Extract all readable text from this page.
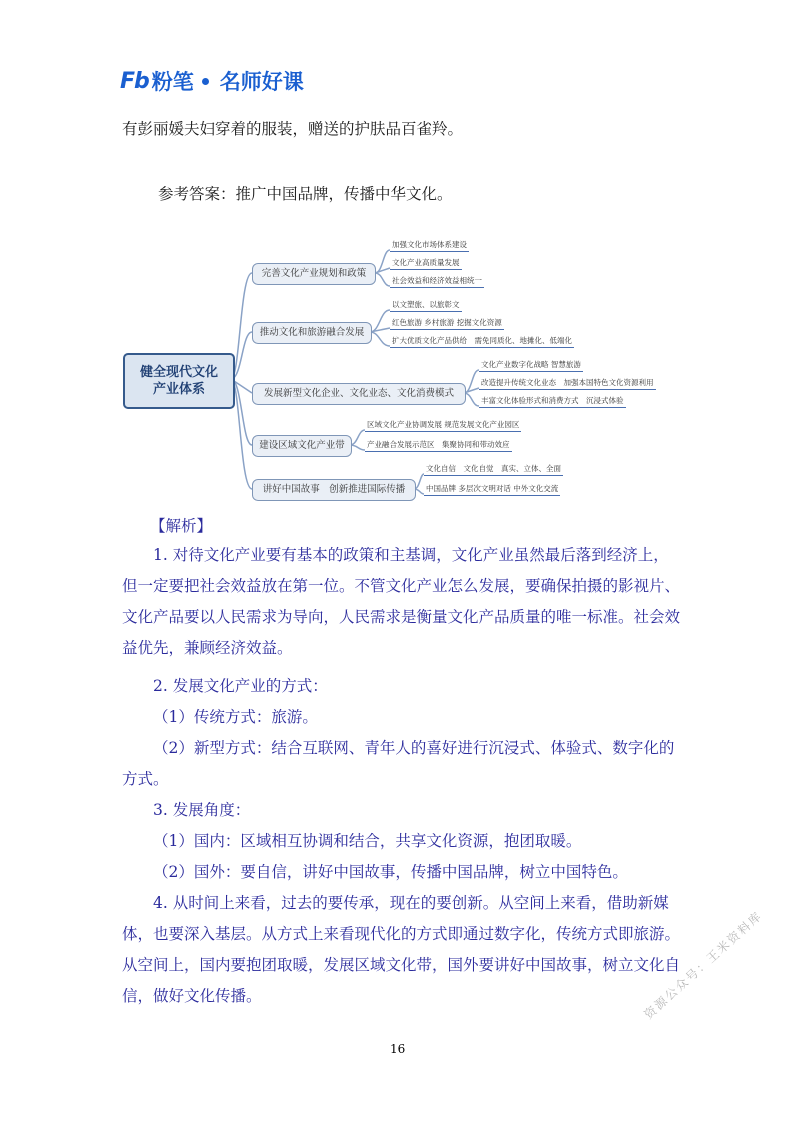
Fb 粉笔 名师好课
有彭丽媛夫妇穿着的服装，赠送的护肤品百雀羚。
参考答案：推广中国品牌，传播中华文化。
健全现代文化
产业体系
完善文化产业规划和政策
推动文化和旅游融合发展
发展新型文化企业、文化业态、文化消费模式
建设区域文化产业带
讲好中国故事　创新推进国际传播
加强文化市场体系建设
文化产业高质量发展
社会效益和经济效益相统一
以文塑旅、以旅彰文
红色旅游 乡村旅游 挖掘文化资源
扩大优质文化产品供给　需免同质化、地摊化、低端化
文化产业数字化战略 智慧旅游
改造提升传统文化业态　加强本国特色文化资源利用
丰富文化体验形式和消费方式　沉浸式体验
区域文化产业协调发展 规范发展文化产业园区
产业融合发展示范区　集聚协同和带动效应
文化自信　文化自觉　真实、立体、全面
中国品牌 多层次文明对话 中外文化交流
【解析】
1. 对待文化产业要有基本的政策和主基调，文化产业虽然最后落到经济上，但一定要把社会效益放在第一位。不管文化产业怎么发展，要确保拍摄的影视片、文化产品要以人民需求为导向，人民需求是衡量文化产品质量的唯一标准。社会效益优先，兼顾经济效益。
2. 发展文化产业的方式：
（1）传统方式：旅游。
（2）新型方式：结合互联网、青年人的喜好进行沉浸式、体验式、数字化的方式。
3. 发展角度：
（1）国内：区域相互协调和结合，共享文化资源，抱团取暖。
（2）国外：要自信，讲好中国故事，传播中国品牌，树立中国特色。
4. 从时间上来看，过去的要传承，现在的要创新。从空间上来看，借助新媒体，也要深入基层。从方式上来看现代化的方式即通过数字化，传统方式即旅游。从空间上，国内要抱团取暖，发展区域文化带，国外要讲好中国故事，树立文化自信，做好文化传播。
16
资源公众号：王米资料库
